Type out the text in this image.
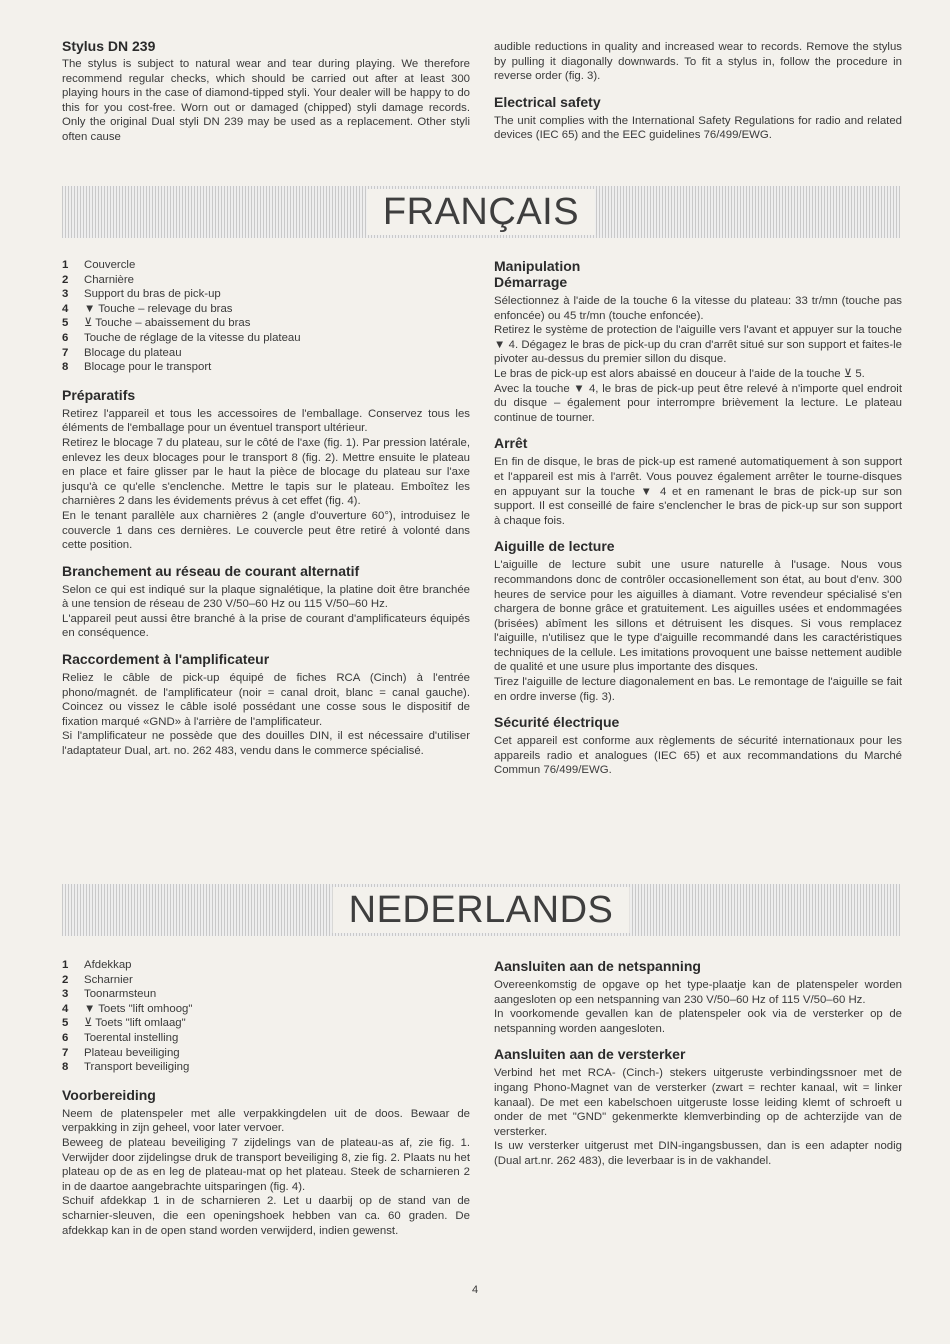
Stylus DN 239

The stylus is subject to natural wear and tear during playing. We therefore recommend regular checks, which should be carried out after at least 300 playing hours in the case of diamond-tipped styli. Your dealer will be happy to do this for you cost-free. Worn out or damaged (chipped) styli damage records. Only the original Dual styli DN 239 may be used as a replacement. Other styli often cause

audible reductions in quality and increased wear to records. Remove the stylus by pulling it diagonally downwards. To fit a stylus in, follow the procedure in reverse order (fig. 3).

Electrical safety

The unit complies with the International Safety Regulations for radio and related devices (IEC 65) and the EEC guidelines 76/499/EWG.

FRANÇAIS
1	Couvercle
2	Charnière
3	Support du bras de pick-up
4	▼ Touche – relevage du bras
5	⊻ Touche – abaissement du bras
6	Touche de réglage de la vitesse du plateau
7	Blocage du plateau
8	Blocage pour le transport
Préparatifs

Retirez l'appareil et tous les accessoires de l'emballage. Conservez tous les éléments de l'emballage pour un éventuel transport ultérieur.
Retirez le blocage 7 du plateau, sur le côté de l'axe (fig. 1). Par pression latérale, enlevez les deux blocages pour le transport 8 (fig. 2). Mettre ensuite le plateau en place et faire glisser par le haut la pièce de blocage du plateau sur l'axe jusqu'à ce qu'elle s'enclenche. Mettre le tapis sur le plateau. Emboîtez les charnières 2 dans les évidements prévus à cet effet (fig. 4).
En le tenant parallèle aux charnières 2 (angle d'ouverture 60°), introduisez le couvercle 1 dans ces dernières. Le couvercle peut être retiré à volonté dans cette position.

Branchement au réseau de courant alternatif

Selon ce qui est indiqué sur la plaque signalétique, la platine doit être branchée à une tension de réseau de 230 V/50–60 Hz ou 115 V/50–60 Hz.
L'appareil peut aussi être branché à la prise de courant d'amplificateurs équipés en conséquence.

Raccordement à l'amplificateur

Reliez le câble de pick-up équipé de fiches RCA (Cinch) à l'entrée phono/magnét. de l'amplificateur (noir = canal droit, blanc = canal gauche). Coincez ou vissez le câble isolé possédant une cosse sous le dispositif de fixation marqué «GND» à l'arrière de l'amplificateur.
Si l'amplificateur ne possède que des douilles DIN, il est nécessaire d'utiliser l'adaptateur Dual, art. no. 262 483, vendu dans le commerce spécialisé.

Manipulation
Démarrage

Sélectionnez à l'aide de la touche 6 la vitesse du plateau: 33 tr/mn (touche pas enfoncée) ou 45 tr/mn (touche enfoncée).
Retirez le système de protection de l'aiguille vers l'avant et appuyer sur la touche ▼ 4. Dégagez le bras de pick-up du cran d'arrêt situé sur son support et faites-le pivoter au-dessus du premier sillon du disque.
Le bras de pick-up est alors abaissé en douceur à l'aide de la touche ⊻ 5.
Avec la touche ▼ 4, le bras de pick-up peut être relevé à n'importe quel endroit du disque – également pour interrompre brièvement la lecture. Le plateau continue de tourner.

Arrêt

En fin de disque, le bras de pick-up est ramené automatiquement à son support et l'appareil est mis à l'arrêt. Vous pouvez également arrêter le tourne-disques en appuyant sur la touche ▼ 4 et en ramenant le bras de pick-up sur son support. Il est conseillé de faire s'enclencher le bras de pick-up sur son support à chaque fois.

Aiguille de lecture

L'aiguille de lecture subit une usure naturelle à l'usage. Nous vous recommandons donc de contrôler occasionellement son état, au bout d'env. 300 heures de service pour les aiguilles à diamant. Votre revendeur spécialisé s'en chargera de bonne grâce et gratuitement. Les aiguilles usées et endommagées (brisées) abîment les sillons et détruisent les disques. Si vous remplacez l'aiguille, n'utilisez que le type d'aiguille recommandé dans les caractéristiques techniques de la cellule. Les imitations provoquent une baisse nettement audible de qualité et une usure plus importante des disques.
Tirez l'aiguille de lecture diagonalement en bas. Le remontage de l'aiguille se fait en ordre inverse (fig. 3).

Sécurité électrique

Cet appareil est conforme aux règlements de sécurité internationaux pour les appareils radio et analogues (IEC 65) et aux recommandations du Marché Commun 76/499/EWG.

NEDERLANDS
1	Afdekkap
2	Scharnier
3	Toonarmsteun
4	▼ Toets "lift omhoog"
5	⊻ Toets "lift omlaag"
6	Toerental instelling
7	Plateau beveiliging
8	Transport beveiliging
Voorbereiding

Neem de platenspeler met alle verpakkingdelen uit de doos. Bewaar de verpakking in zijn geheel, voor later vervoer.
Beweeg de plateau beveiliging 7 zijdelings van de plateau-as af, zie fig. 1. Verwijder door zijdelingse druk de transport beveiliging 8, zie fig. 2. Plaats nu het plateau op de as en leg de plateau-mat op het plateau. Steek de scharnieren 2 in de daartoe aangebrachte uitsparingen (fig. 4).
Schuif afdekkap 1 in de scharnieren 2. Let u daarbij op de stand van de scharnier-sleuven, die een openingshoek hebben van ca. 60 graden. De afdekkap kan in de open stand worden verwijderd, indien gewenst.

Aansluiten aan de netspanning

Overeenkomstig de opgave op het type-plaatje kan de platenspeler worden aangesloten op een netspanning van 230 V/50–60 Hz of 115 V/50–60 Hz.
In voorkomende gevallen kan de platenspeler ook via de versterker op de netspanning worden aangesloten.

Aansluiten aan de versterker

Verbind het met RCA- (Cinch-) stekers uitgeruste verbindingssnoer met de ingang Phono-Magnet van de versterker (zwart = rechter kanaal, wit = linker kanaal). De met een kabelschoen uitgeruste losse leiding klemt of schroeft u onder de met "GND" gekenmerkte klemverbinding op de achterzijde van de versterker.
Is uw versterker uitgerust met DIN-ingangsbussen, dan is een adapter nodig (Dual art.nr. 262 483), die leverbaar is in de vakhandel.

4
